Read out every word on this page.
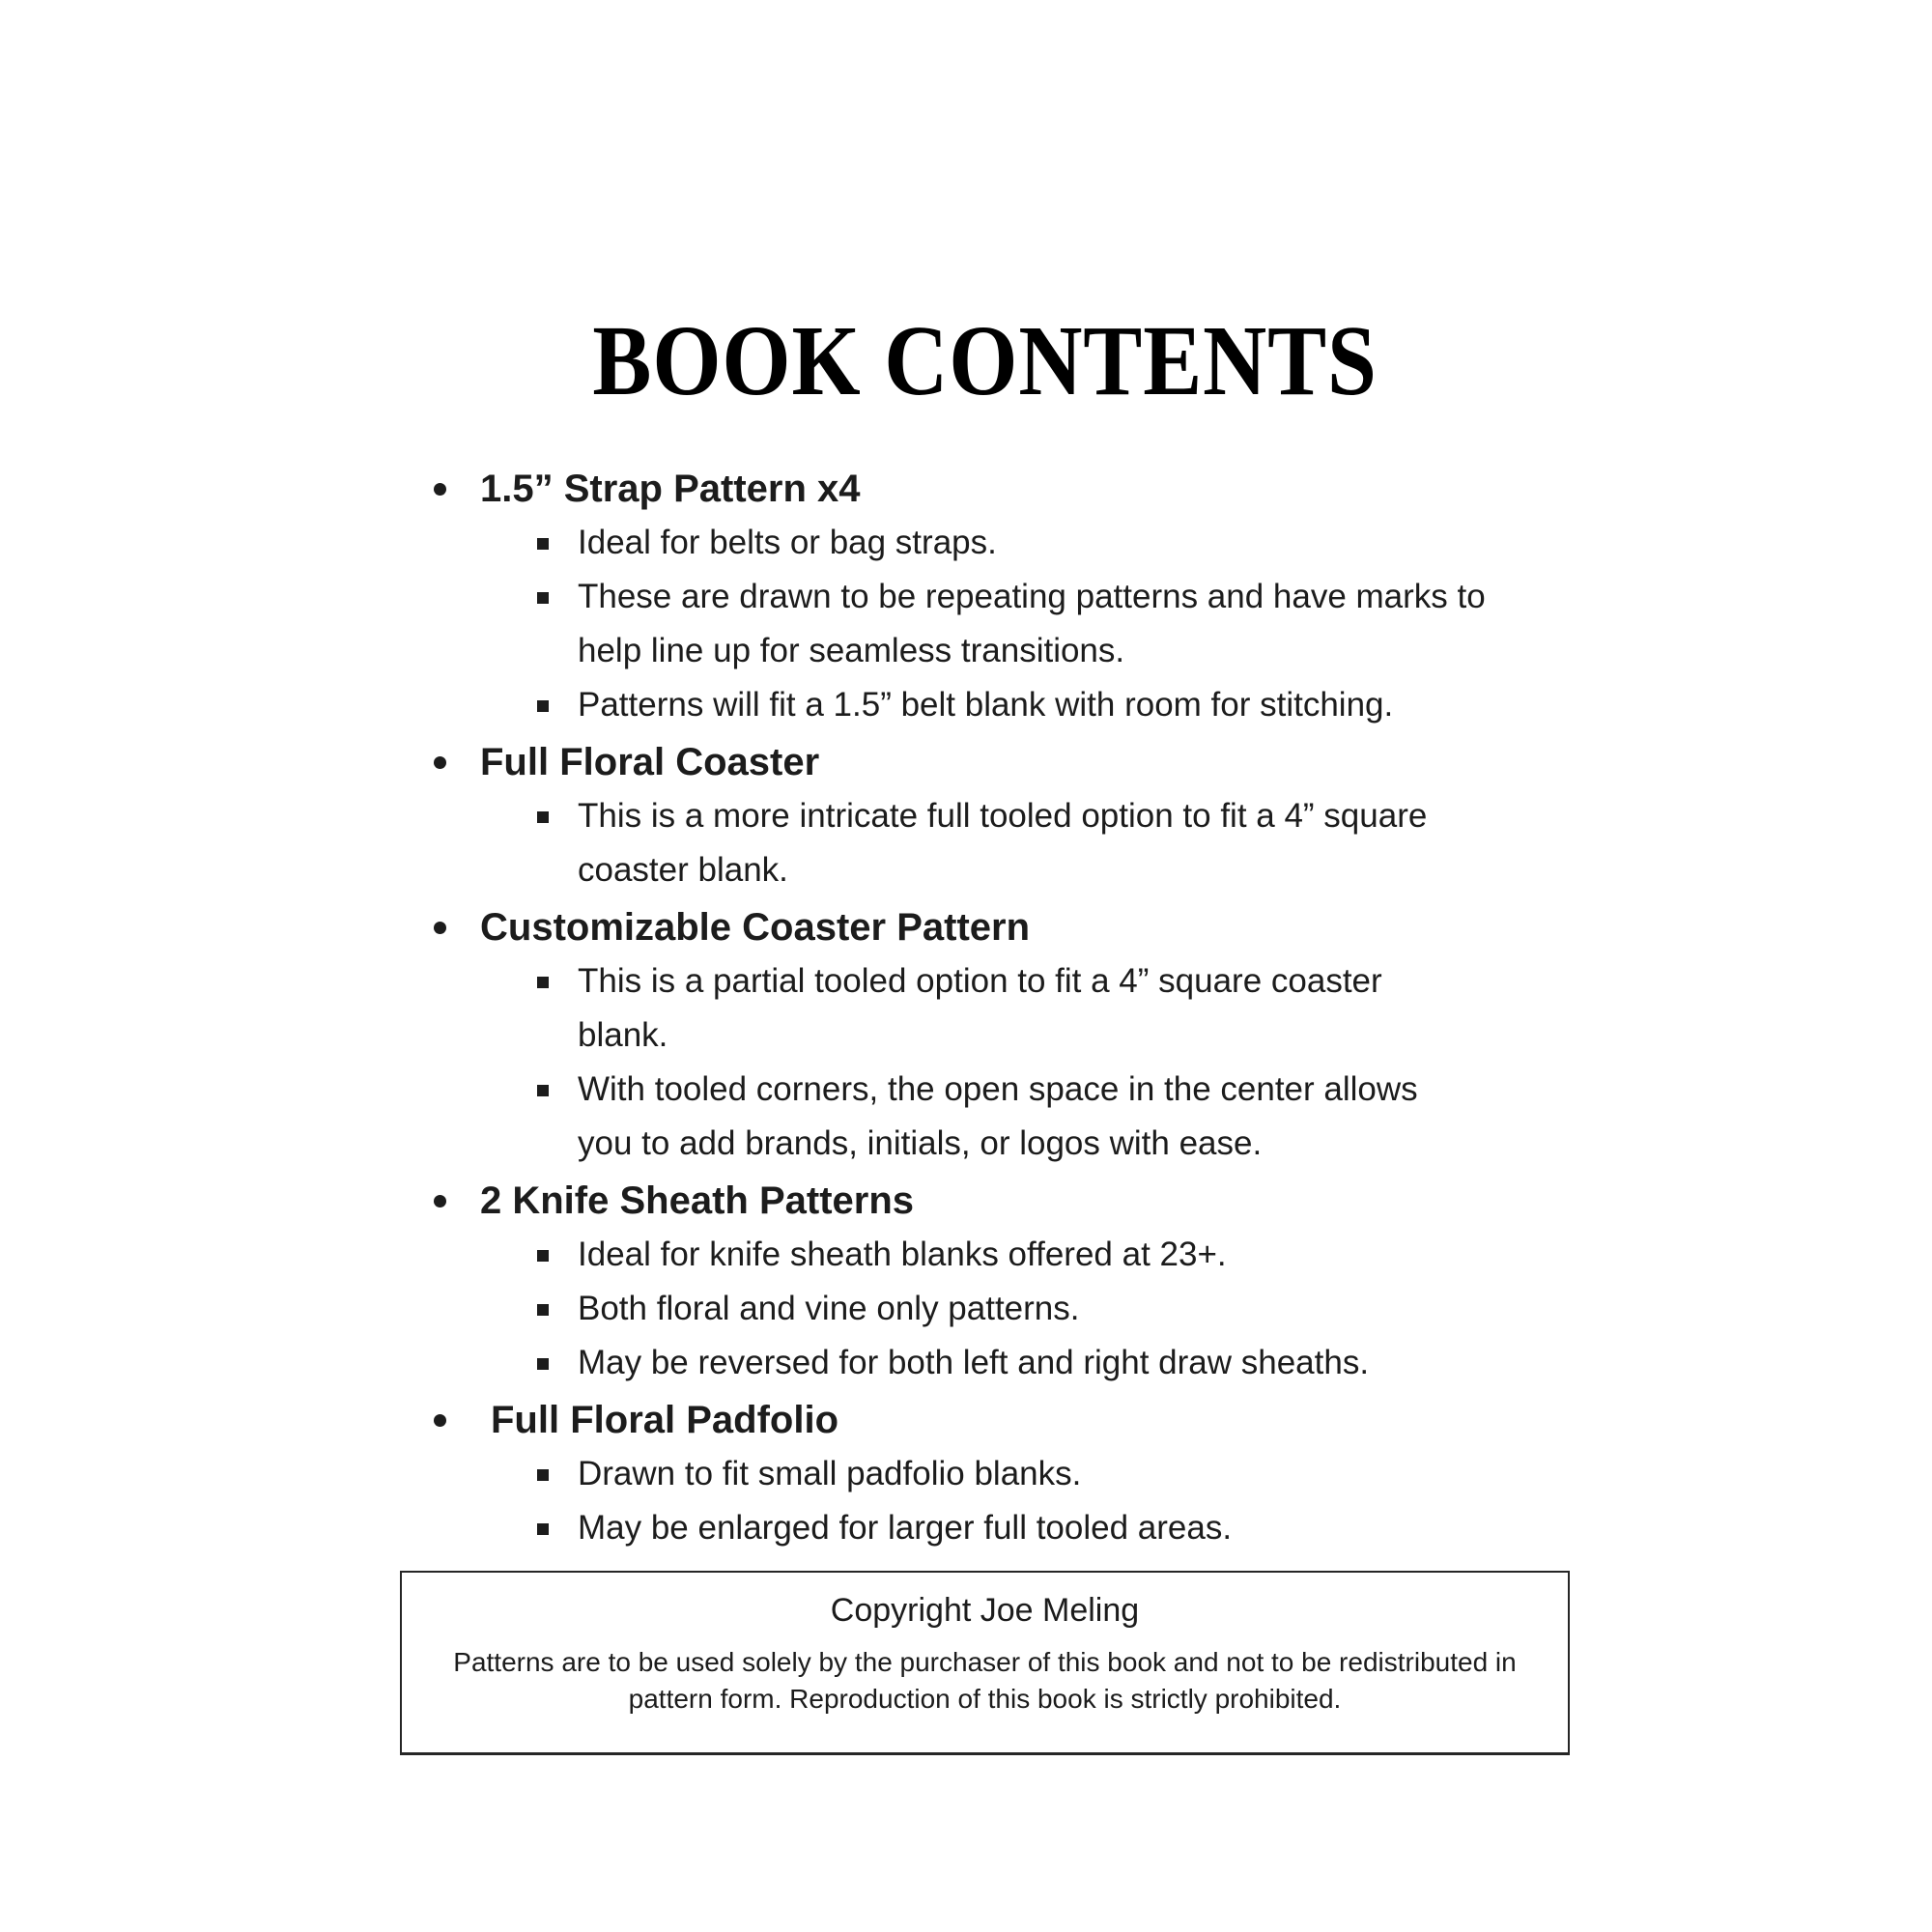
BOOK CONTENTS
1.5” Strap Pattern x4
Ideal for belts or bag straps.
These are drawn to be repeating patterns and have marks to help line up for seamless transitions.
Patterns will fit a 1.5” belt blank with room for stitching.
Full Floral Coaster
This is a more intricate full tooled option to fit a 4” square coaster blank.
Customizable Coaster Pattern
This is a partial tooled option to fit a 4” square coaster blank.
With tooled corners, the open space in the center allows you to add brands, initials, or logos with ease.
2 Knife Sheath Patterns
Ideal for knife sheath blanks offered at 23+.
Both floral and vine only patterns.
May be reversed for both left and right draw sheaths.
Full Floral Padfolio
Drawn to fit small padfolio blanks.
May be enlarged for larger full tooled areas.
Copyright Joe Meling
Patterns are to be used solely by the purchaser of this book and not to be redistributed in pattern form. Reproduction of this book is strictly prohibited.
